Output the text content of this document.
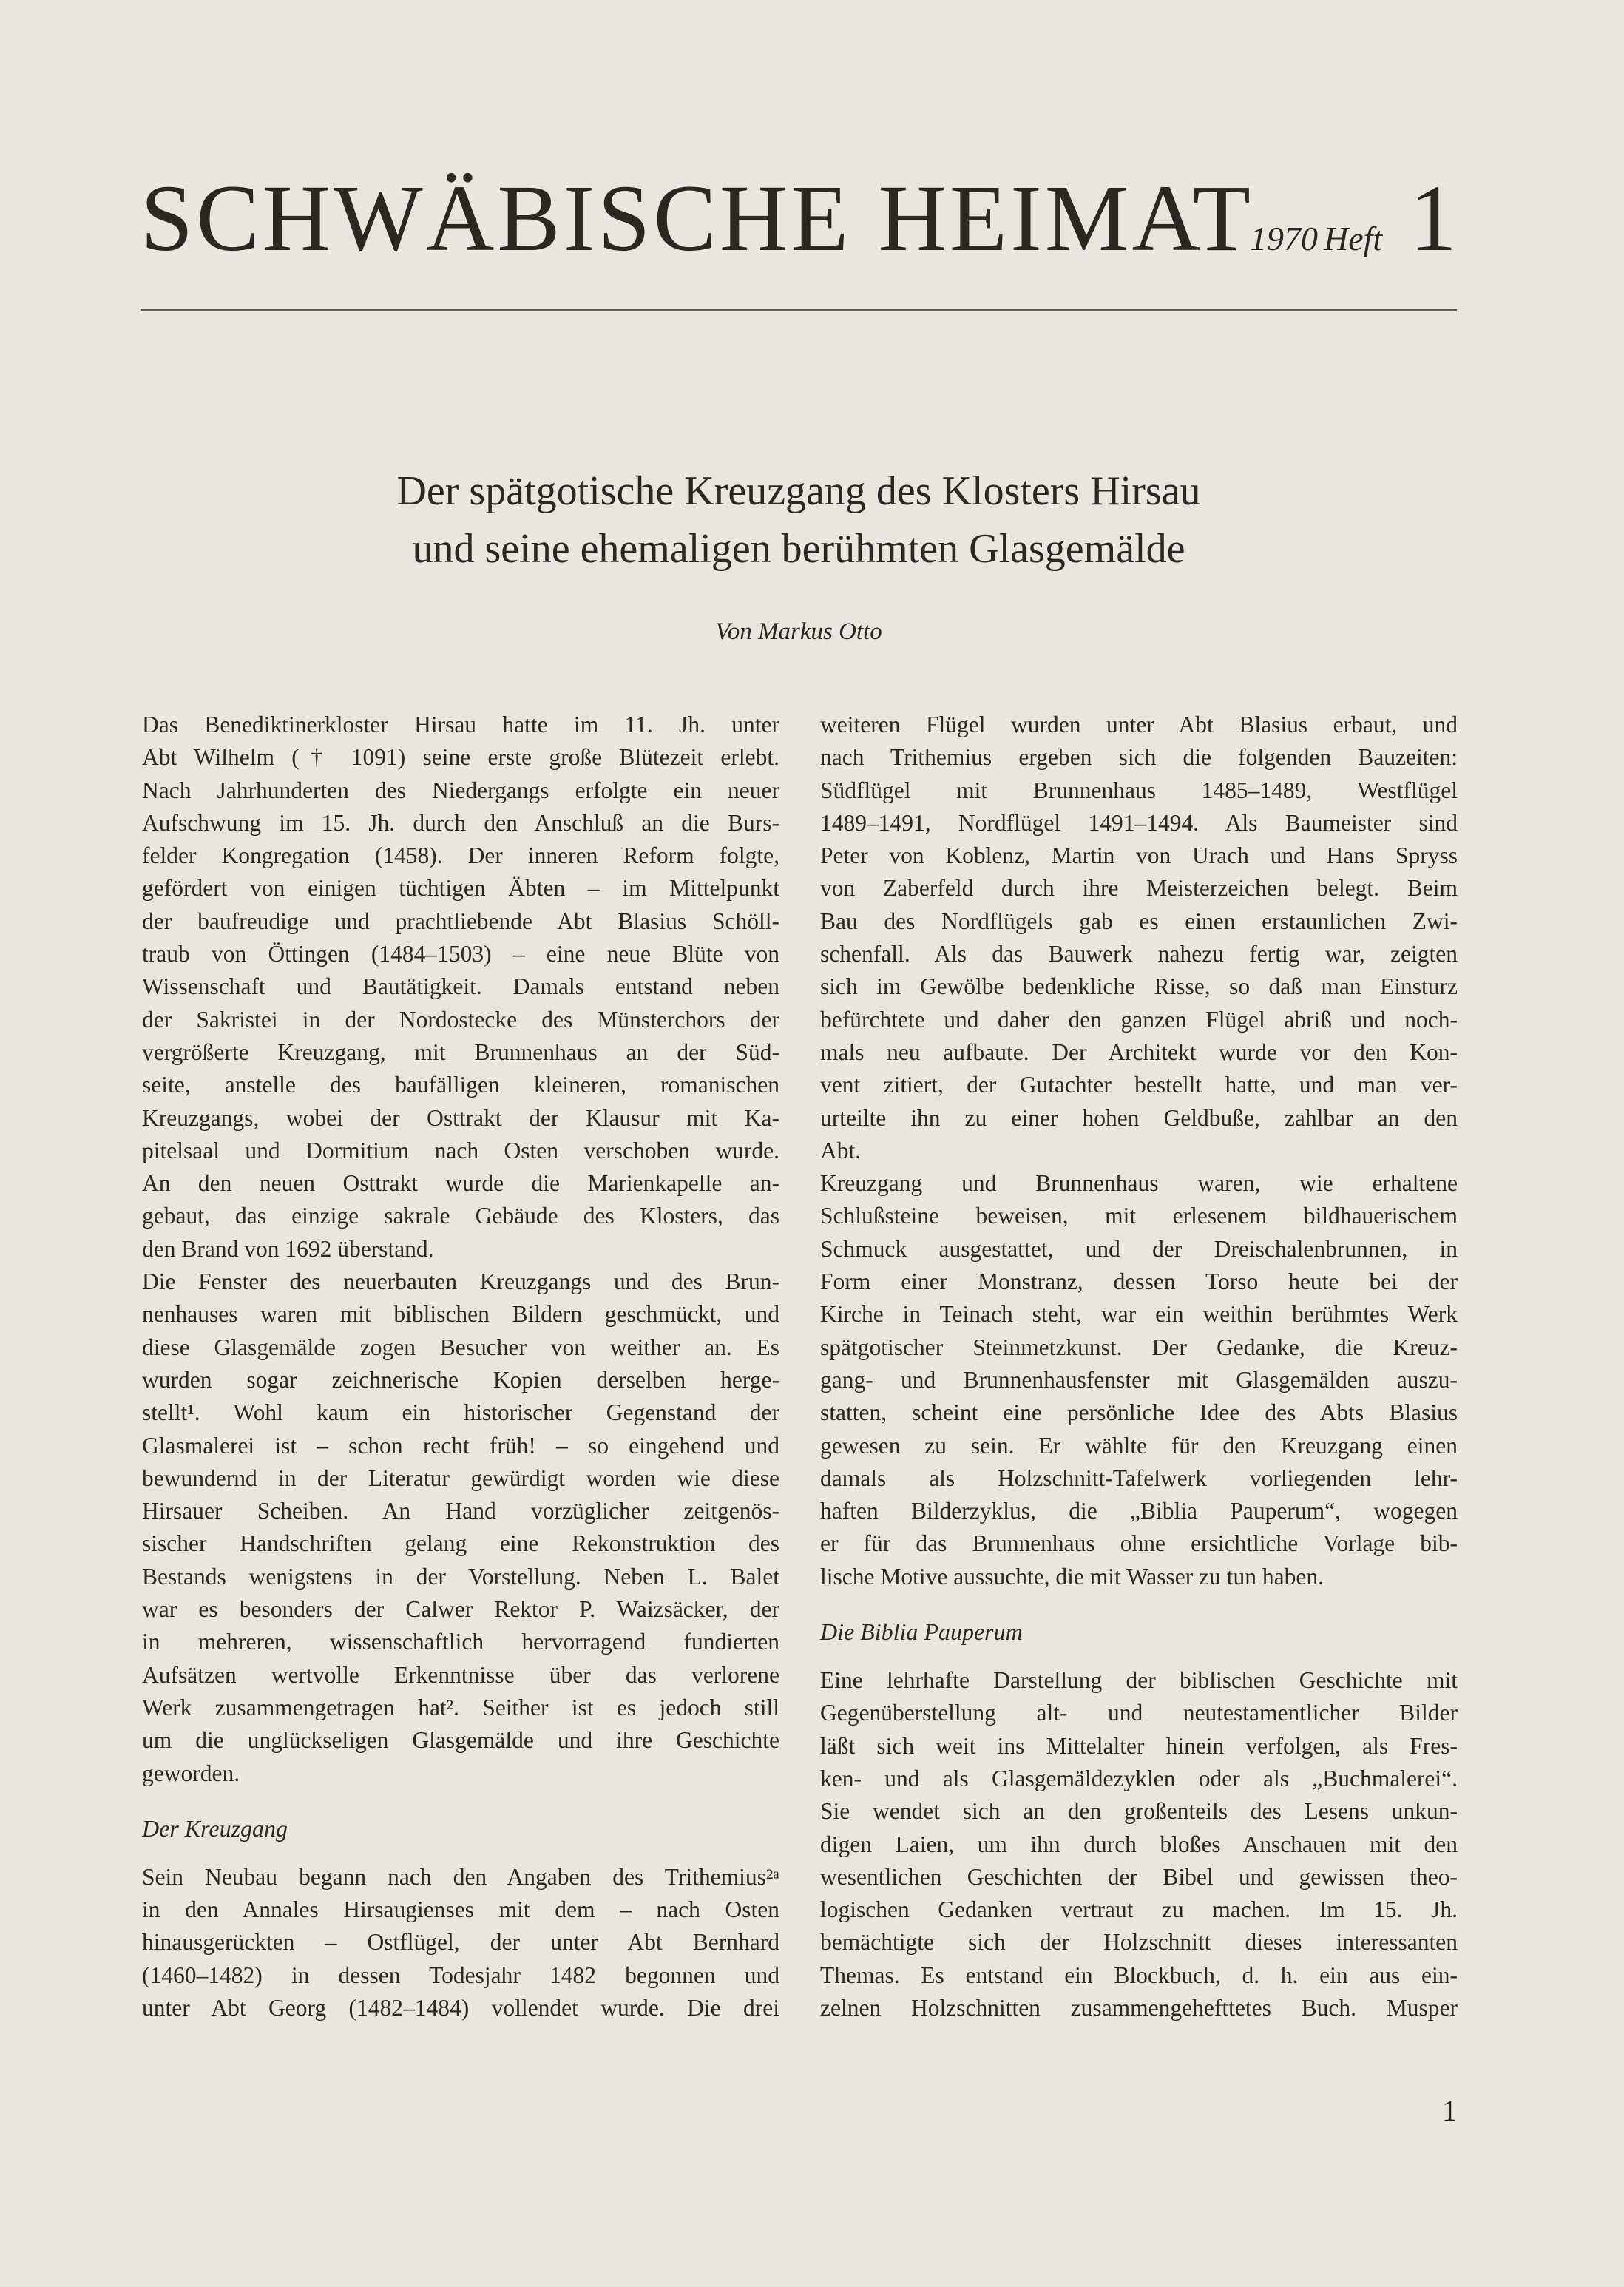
SCHWÄBISCHE HEIMAT
1970 Heft 1
Der spätgotische Kreuzgang des Klosters Hirsau
und seine ehemaligen berühmten Glasgemälde
Von Markus Otto
Das Benediktinerkloster Hirsau hatte im 11. Jh. unter
Abt Wilhelm († 1091) seine erste große Blütezeit erlebt.
Nach Jahrhunderten des Niedergangs erfolgte ein neuer
Aufschwung im 15. Jh. durch den Anschluß an die Burs-
felder Kongregation (1458). Der inneren Reform folgte,
gefördert von einigen tüchtigen Äbten – im Mittelpunkt
der baufreudige und prachtliebende Abt Blasius Schöll-
traub von Öttingen (1484–1503) – eine neue Blüte von
Wissenschaft und Bautätigkeit. Damals entstand neben
der Sakristei in der Nordostecke des Münsterchors der
vergrößerte Kreuzgang, mit Brunnenhaus an der Süd-
seite, anstelle des baufälligen kleineren, romanischen
Kreuzgangs, wobei der Osttrakt der Klausur mit Ka-
pitelsaal und Dormitium nach Osten verschoben wurde.
An den neuen Osttrakt wurde die Marienkapelle an-
gebaut, das einzige sakrale Gebäude des Klosters, das
den Brand von 1692 überstand.
Die Fenster des neuerbauten Kreuzgangs und des Brun-
nenhauses waren mit biblischen Bildern geschmückt, und
diese Glasgemälde zogen Besucher von weither an. Es
wurden sogar zeichnerische Kopien derselben herge-
stellt¹. Wohl kaum ein historischer Gegenstand der
Glasmalerei ist – schon recht früh! – so eingehend und
bewundernd in der Literatur gewürdigt worden wie diese
Hirsauer Scheiben. An Hand vorzüglicher zeitgenös-
sischer Handschriften gelang eine Rekonstruktion des
Bestands wenigstens in der Vorstellung. Neben L. Balet
war es besonders der Calwer Rektor P. Waizsäcker, der
in mehreren, wissenschaftlich hervorragend fundierten
Aufsätzen wertvolle Erkenntnisse über das verlorene
Werk zusammengetragen hat². Seither ist es jedoch still
um die unglückseligen Glasgemälde und ihre Geschichte
geworden.
Der Kreuzgang
Sein Neubau begann nach den Angaben des Trithemius²ᵃ
in den Annales Hirsaugienses mit dem – nach Osten
hinausgerückten – Ostflügel, der unter Abt Bernhard
(1460–1482) in dessen Todesjahr 1482 begonnen und
unter Abt Georg (1482–1484) vollendet wurde. Die drei
weiteren Flügel wurden unter Abt Blasius erbaut, und
nach Trithemius ergeben sich die folgenden Bauzeiten:
Südflügel mit Brunnenhaus 1485–1489, Westflügel
1489–1491, Nordflügel 1491–1494. Als Baumeister sind
Peter von Koblenz, Martin von Urach und Hans Spryss
von Zaberfeld durch ihre Meisterzeichen belegt. Beim
Bau des Nordflügels gab es einen erstaunlichen Zwi-
schenfall. Als das Bauwerk nahezu fertig war, zeigten
sich im Gewölbe bedenkliche Risse, so daß man Einsturz
befürchtete und daher den ganzen Flügel abriß und noch-
mals neu aufbaute. Der Architekt wurde vor den Kon-
vent zitiert, der Gutachter bestellt hatte, und man ver-
urteilte ihn zu einer hohen Geldbuße, zahlbar an den
Abt.
Kreuzgang und Brunnenhaus waren, wie erhaltene
Schlußsteine beweisen, mit erlesenem bildhauerischem
Schmuck ausgestattet, und der Dreischalenbrunnen, in
Form einer Monstranz, dessen Torso heute bei der
Kirche in Teinach steht, war ein weithin berühmtes Werk
spätgotischer Steinmetzkunst. Der Gedanke, die Kreuz-
gang- und Brunnenhausfenster mit Glasgemälden auszu-
statten, scheint eine persönliche Idee des Abts Blasius
gewesen zu sein. Er wählte für den Kreuzgang einen
damals als Holzschnitt-Tafelwerk vorliegenden lehr-
haften Bilderzyklus, die „Biblia Pauperum“, wogegen
er für das Brunnenhaus ohne ersichtliche Vorlage bib-
lische Motive aussuchte, die mit Wasser zu tun haben.
Die Biblia Pauperum
Eine lehrhafte Darstellung der biblischen Geschichte mit
Gegenüberstellung alt- und neutestamentlicher Bilder
läßt sich weit ins Mittelalter hinein verfolgen, als Fres-
ken- und als Glasgemäldezyklen oder als „Buchmalerei“.
Sie wendet sich an den großenteils des Lesens unkun-
digen Laien, um ihn durch bloßes Anschauen mit den
wesentlichen Geschichten der Bibel und gewissen theo-
logischen Gedanken vertraut zu machen. Im 15. Jh.
bemächtigte sich der Holzschnitt dieses interessanten
Themas. Es entstand ein Blockbuch, d. h. ein aus ein-
zelnen Holzschnitten zusammengehefttetes Buch. Musper
1
